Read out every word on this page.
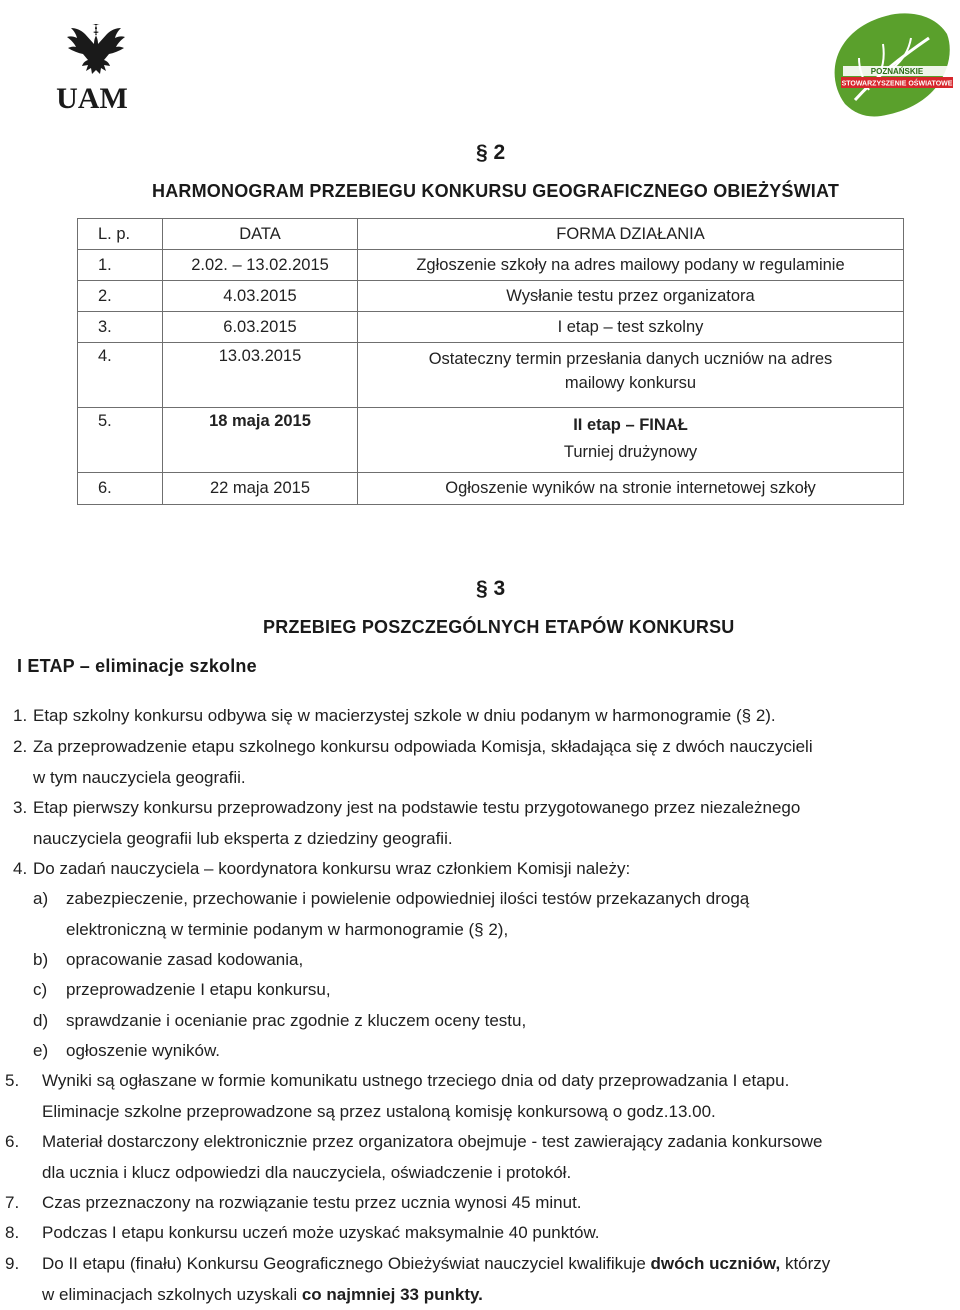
UAM
POZNAŃSKIE
STOWARZYSZENIE OŚWIATOWE
§ 2
HARMONOGRAM PRZEBIEGU KONKURSU GEOGRAFICZNEGO OBIEŻYŚWIAT
L. p.	DATA	FORMA DZIAŁANIA
1.	2.02. – 13.02.2015	Zgłoszenie szkoły na adres mailowy podany w regulaminie
2.	4.03.2015	Wysłanie testu przez organizatora
3.	6.03.2015	I etap – test szkolny
4.	13.03.2015	Ostateczny termin przesłania danych uczniów na adres mailowy konkursu
5.	18 maja 2015	II etap – FINAŁ
Turniej drużynowy

6.	22 maja 2015	Ogłoszenie wyników na stronie internetowej szkoły
§ 3
PRZEBIEG POSZCZEGÓLNYCH ETAPÓW KONKURSU
I ETAP – eliminacje szkolne
1. Etap szkolny konkursu odbywa się w macierzystej szkole w dniu podanym w harmonogramie (§ 2).
2. Za przeprowadzenie etapu szkolnego konkursu odpowiada Komisja, składająca się z dwóch nauczycieli
w tym nauczyciela geografii.
3. Etap pierwszy konkursu przeprowadzony jest na podstawie testu przygotowanego przez niezależnego
nauczyciela geografii lub eksperta z dziedziny geografii.
4. Do zadań nauczyciela – koordynatora konkursu wraz członkiem Komisji należy:
a) zabezpieczenie, przechowanie i powielenie odpowiedniej ilości testów przekazanych drogą
elektroniczną w terminie podanym w harmonogramie (§ 2),
b) opracowanie zasad kodowania,
c) przeprowadzenie I etapu konkursu,
d) sprawdzanie i ocenianie prac zgodnie z kluczem oceny testu,
e) ogłoszenie wyników.
5. Wyniki są ogłaszane w formie komunikatu ustnego trzeciego dnia od daty przeprowadzania I etapu.
Eliminacje szkolne przeprowadzone są przez ustaloną komisję konkursową o godz.13.00.
6. Materiał dostarczony elektronicznie przez organizatora obejmuje - test zawierający zadania konkursowe
dla ucznia i klucz odpowiedzi dla nauczyciela, oświadczenie i protokół.
7. Czas przeznaczony na rozwiązanie testu przez ucznia wynosi 45 minut.
8. Podczas I etapu konkursu uczeń może uzyskać maksymalnie 40 punktów.
9. Do II etapu (finału) Konkursu Geograficznego Obieżyświat nauczyciel kwalifikuje dwóch uczniów, którzy
w eliminacjach szkolnych uzyskali co najmniej 33 punkty.
